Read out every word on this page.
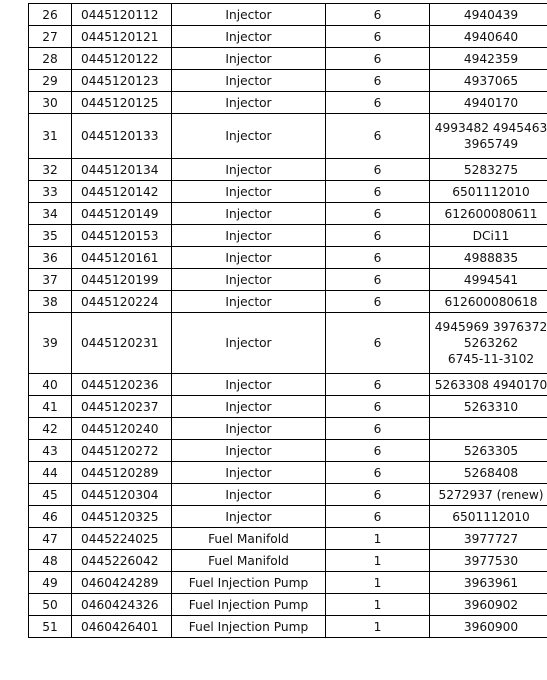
26	0445120112	Injector	6	4940439

27	0445120121	Injector	6	4940640

28	0445120122	Injector	6	4942359

29	0445120123	Injector	6	4937065

30	0445120125	Injector	6	4940170

31	0445120133	Injector	6	4993482 4945463
3965749

32	0445120134	Injector	6	5283275

33	0445120142	Injector	6	6501112010

34	0445120149	Injector	6	612600080611

35	0445120153	Injector	6	DCi11

36	0445120161	Injector	6	4988835

37	0445120199	Injector	6	4994541

38	0445120224	Injector	6	612600080618

39	0445120231	Injector	6	4945969 3976372
5263262
6745-11-3102

40	0445120236	Injector	6	5263308 4940170

41	0445120237	Injector	6	5263310

42	0445120240	Injector	6	

43	0445120272	Injector	6	5263305

44	0445120289	Injector	6	5268408

45	0445120304	Injector	6	5272937 (renew)

46	0445120325	Injector	6	6501112010

47	0445224025	Fuel Manifold	1	3977727

48	0445226042	Fuel Manifold	1	3977530

49	0460424289	Fuel Injection Pump	1	3963961

50	0460424326	Fuel Injection Pump	1	3960902

51	0460426401	Fuel Injection Pump	1	3960900
